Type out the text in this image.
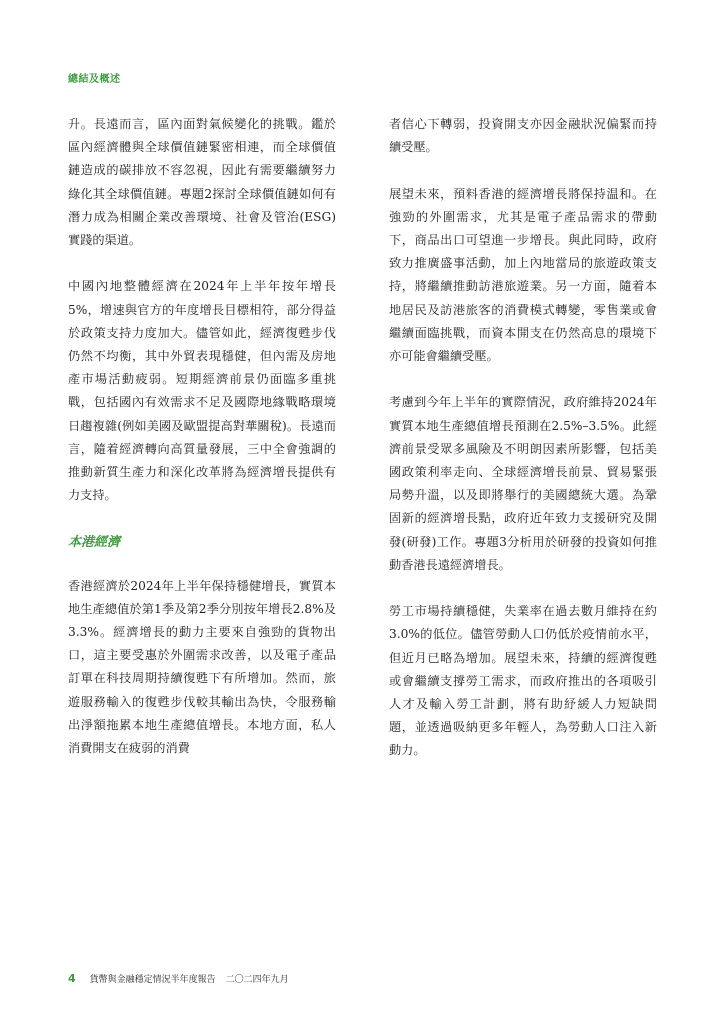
總結及概述

升。長遠而言，區內面對氣候變化的挑戰。鑑於區內經濟體與全球價值鏈緊密相連，而全球價值鏈造成的碳排放不容忽視，因此有需要繼續努力綠化其全球價值鏈。專題2探討全球價值鏈如何有潛力成為相關企業改善環境、社會及管治(ESG)實踐的渠道。

中國內地整體經濟在2024年上半年按年增長5%，增速與官方的年度增長目標相符，部分得益於政策支持力度加大。儘管如此，經濟復甦步伐仍然不均衡，其中外貿表現穩健，但內需及房地產市場活動疲弱。短期經濟前景仍面臨多重挑戰，包括國內有效需求不足及國際地緣戰略環境日趨複雜(例如美國及歐盟提高對華關稅)。長遠而言，隨着經濟轉向高質量發展，三中全會強調的推動新質生產力和深化改革將為經濟增長提供有力支持。

本港經濟

香港經濟於2024年上半年保持穩健增長，實質本地生產總值於第1季及第2季分別按年增長2.8%及3.3%。經濟增長的動力主要來自強勁的貨物出口，這主要受惠於外圍需求改善，以及電子產品訂單在科技周期持續復甦下有所增加。然而，旅遊服務輸入的復甦步伐較其輸出為快，令服務輸出淨額拖累本地生產總值增長。本地方面，私人消費開支在疲弱的消費

者信心下轉弱，投資開支亦因金融狀況偏緊而持續受壓。

展望未來，預料香港的經濟增長將保持温和。在強勁的外圍需求，尤其是電子產品需求的帶動下，商品出口可望進一步增長。與此同時，政府致力推廣盛事活動，加上內地當局的旅遊政策支持，將繼續推動訪港旅遊業。另一方面，隨着本地居民及訪港旅客的消費模式轉變，零售業或會繼續面臨挑戰，而資本開支在仍然高息的環境下亦可能會繼續受壓。

考慮到今年上半年的實際情況，政府維持2024年實質本地生產總值增長預測在2.5%–3.5%。此經濟前景受眾多風險及不明朗因素所影響，包括美國政策利率走向、全球經濟增長前景、貿易緊張局勢升溫，以及即將舉行的美國總統大選。為鞏固新的經濟增長點，政府近年致力支援研究及開發(研發)工作。專題3分析用於研發的投資如何推動香港長遠經濟增長。

勞工市場持續穩健，失業率在過去數月維持在約3.0%的低位。儘管勞動人口仍低於疫情前水平，但近月已略為增加。展望未來，持續的經濟復甦或會繼續支撐勞工需求，而政府推出的各項吸引人才及輸入勞工計劃，將有助紓緩人力短缺問題，並透過吸納更多年輕人，為勞動人口注入新動力。

4 貨幣與金融穩定情況半年度報告 二〇二四年九月
